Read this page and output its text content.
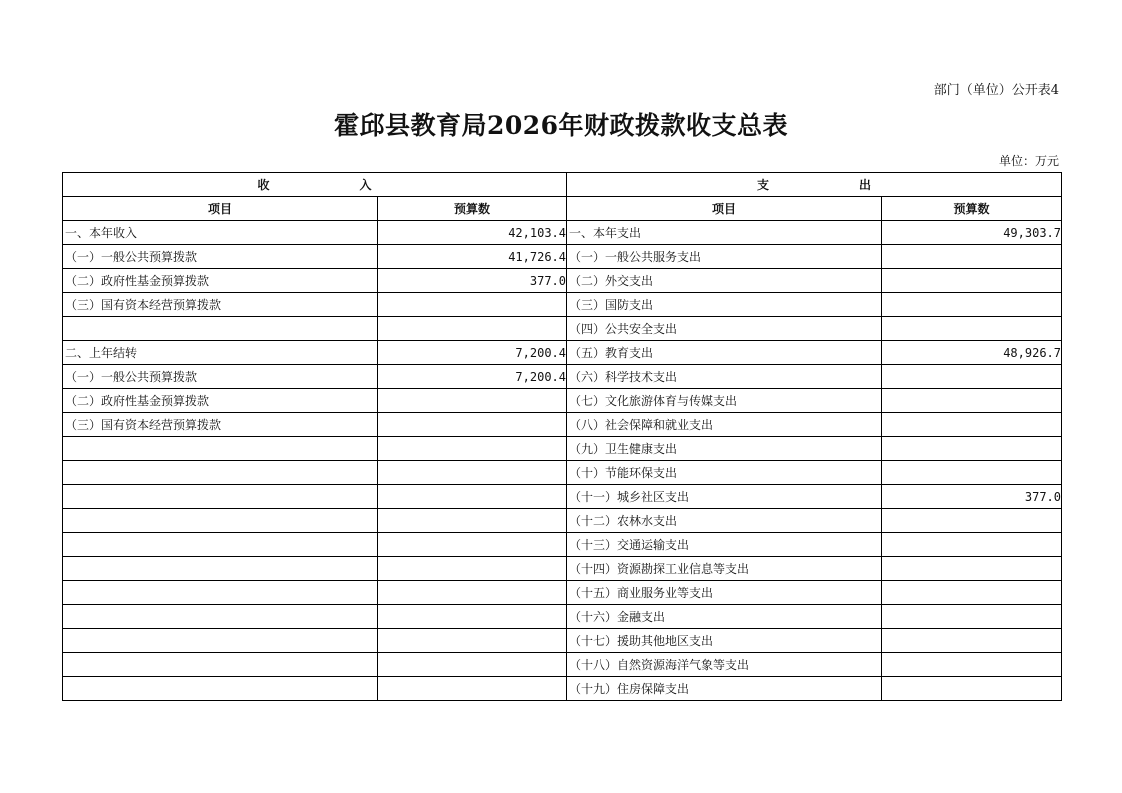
部门（单位）公开表4
霍邱县教育局2026年财政拨款收支总表
单位：万元
收 入		支 出	

项目	预算数	项目	预算数
一、本年收入	42,103.4	一、本年支出	49,303.7
（一）一般公共预算拨款	41,726.4	（一）一般公共服务支出	
（二）政府性基金预算拨款	377.0	（二）外交支出	
（三）国有资本经营预算拨款		（三）国防支出	
		（四）公共安全支出	
二、上年结转	7,200.4	（五）教育支出	48,926.7
（一）一般公共预算拨款	7,200.4	（六）科学技术支出	
（二）政府性基金预算拨款		（七）文化旅游体育与传媒支出	
（三）国有资本经营预算拨款		（八）社会保障和就业支出	
		（九）卫生健康支出	
		（十）节能环保支出	
		（十一）城乡社区支出	377.0
		（十二）农林水支出	
		（十三）交通运输支出	
		（十四）资源勘探工业信息等支出	
		（十五）商业服务业等支出	
		（十六）金融支出	
		（十七）援助其他地区支出	
		（十八）自然资源海洋气象等支出	
		（十九）住房保障支出	
